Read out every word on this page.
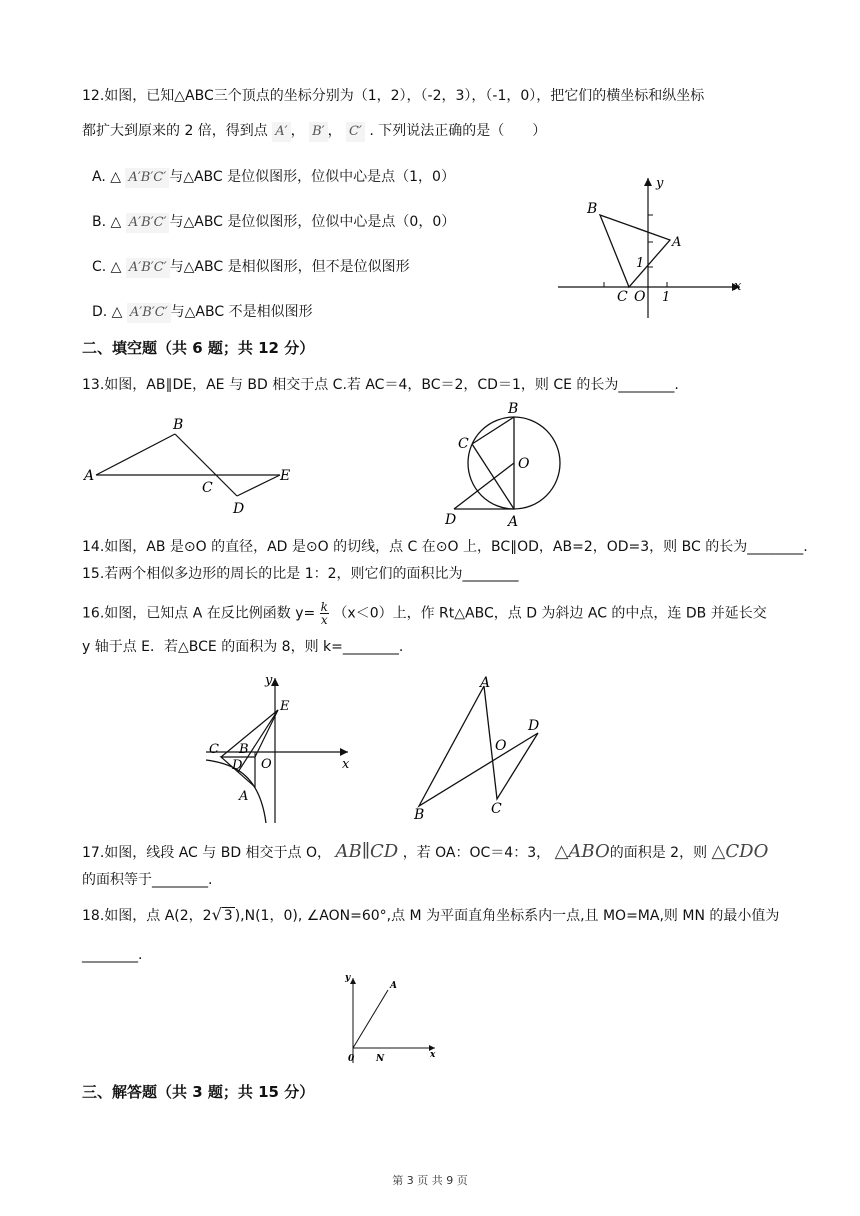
12.如图，已知△ABC三个顶点的坐标分别为（1，2），（-2，3），（-1，0），把它们的横坐标和纵坐标
都扩大到原来的 2 倍，得到点 A′ ， B′ ， C′ . 下列说法正确的是（　　）
A. △ A′B′C′ 与△ABC 是位似图形，位似中心是点（1，0）
B. △ A′B′C′ 与△ABC 是位似图形，位似中心是点（0，0）
C. △ A′B′C′ 与△ABC 是相似图形，但不是位似图形
D. △ A′B′C′ 与△ABC 不是相似图形
B
A
1
C O 1
x
y
二、填空题（共 6 题；共 12 分）
13.如图，AB∥DE，AE 与 BD 相交于点 C.若 AC＝4，BC＝2，CD＝1，则 CE 的长为________.
A
B
C
D
E
B
C
O
D	A
14.如图，AB 是⊙O 的直径，AD 是⊙O 的切线，点 C 在⊙O 上，BC∥OD，AB=2，OD=3，则 BC 的长为________.
15.若两个相似多边形的周长的比是 1：2，则它们的面积比为________
16.如图，已知点 A 在反比例函数 $y= \frac{k}{x} (x<0)$上，作 Rt△ABC，点 D 为斜边 AC 的中点，连 DB 并延长交
y 轴于点 E．若△BCE 的面积为 8，则 k=________.
y
E
C B
D O	x
A
A
D
O
B	C
17.如图，线段 AC 与 BD 相交于点 O， AB∥CD ，若 OA：OC＝4：3， △ABO的面积是 2，则 △CDO
的面积等于________.
18.如图，点 A(2，2√ 3 ),N(1，0), ∠AON=60°,点 M 为平面直角坐标系内一点,且 MO=MA,则 MN 的最小值为
________.
y
A
0 N	x
三、解答题（共 3 题；共 15 分）
第 3 页 共 9 页
